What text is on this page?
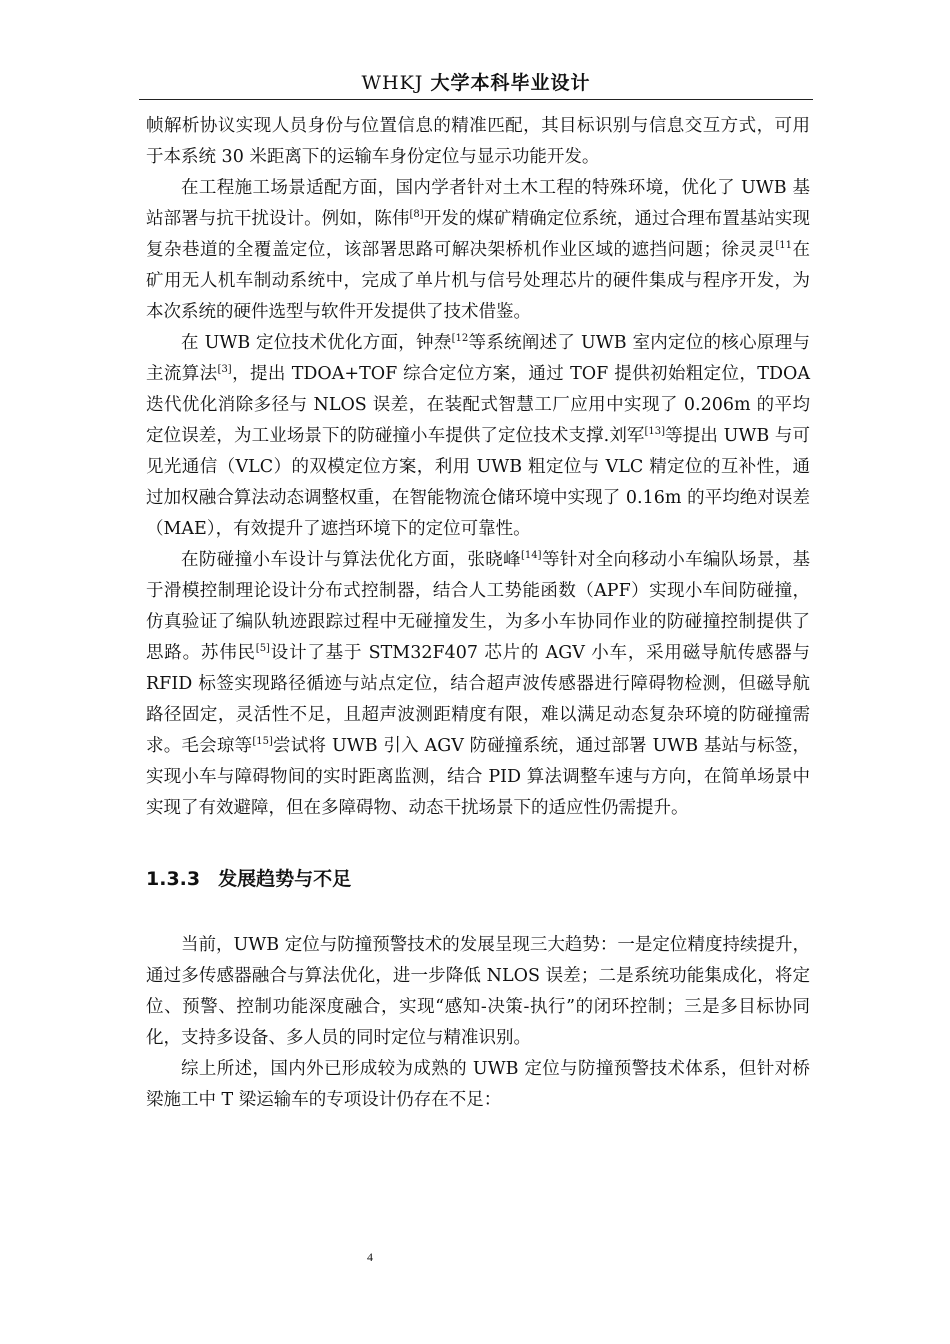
WHKJ 大学本科毕业设计

帧解析协议实现人员身份与位置信息的精准匹配，其目标识别与信息交互方式，可用于本系统 30 米距离下的运输车身份定位与显示功能开发。

在工程施工场景适配方面，国内学者针对土木工程的特殊环境，优化了 UWB 基站部署与抗干扰设计。例如，陈伟[8]开发的煤矿精确定位系统，通过合理布置基站实现复杂巷道的全覆盖定位，该部署思路可解决架桥机作业区域的遮挡问题；徐灵灵$^{[11}$在矿用无人机车制动系统中，完成了单片机与信号处理芯片的硬件集成与程序开发，为本次系统的硬件选型与软件开发提供了技术借鉴。

在 UWB 定位技术优化方面，钟焘$^{[12}$等系统阐述了 UWB 室内定位的核心原理与主流算法[3]，提出 TDOA+TOF 综合定位方案，通过 TOF 提供初始粗定位，TDOA 迭代优化消除多径与 NLOS 误差，在装配式智慧工厂应用中实现了 0.206m 的平均定位误差，为工业场景下的防碰撞小车提供了定位技术支撑.刘军[13]等提出 UWB 与可见光通信（VLC）的双模定位方案，利用 UWB 粗定位与 VLC 精定位的互补性，通过加权融合算法动态调整权重，在智能物流仓储环境中实现了 0.16m 的平均绝对误差（MAE），有效提升了遮挡环境下的定位可靠性。

在防碰撞小车设计与算法优化方面，张晓峰[14]等针对全向移动小车编队场景，基于滑模控制理论设计分布式控制器，结合人工势能函数（APF）实现小车间防碰撞，仿真验证了编队轨迹跟踪过程中无碰撞发生，为多小车协同作业的防碰撞控制提供了思路。苏伟民[5]设计了基于 STM32F407 芯片的 AGV 小车，采用磁导航传感器与 RFID 标签实现路径循迹与站点定位，结合超声波传感器进行障碍物检测，但磁导航路径固定，灵活性不足，且超声波测距精度有限，难以满足动态复杂环境的防碰撞需求。毛会琼等[15]尝试将 UWB 引入 AGV 防碰撞系统，通过部署 UWB 基站与标签，实现小车与障碍物间的实时距离监测，结合 PID 算法调整车速与方向，在简单场景中实现了有效避障，但在多障碍物、动态干扰场景下的适应性仍需提升。

1.3.3 发展趋势与不足

当前，UWB 定位与防撞预警技术的发展呈现三大趋势：一是定位精度持续提升，通过多传感器融合与算法优化，进一步降低 NLOS 误差；二是系统功能集成化，将定位、预警、控制功能深度融合，实现“感知-决策-执行”的闭环控制；三是多目标协同化，支持多设备、多人员的同时定位与精准识别。

综上所述，国内外已形成较为成熟的 UWB 定位与防撞预警技术体系，但针对桥梁施工中 T 梁运输车的专项设计仍存在不足：

4
